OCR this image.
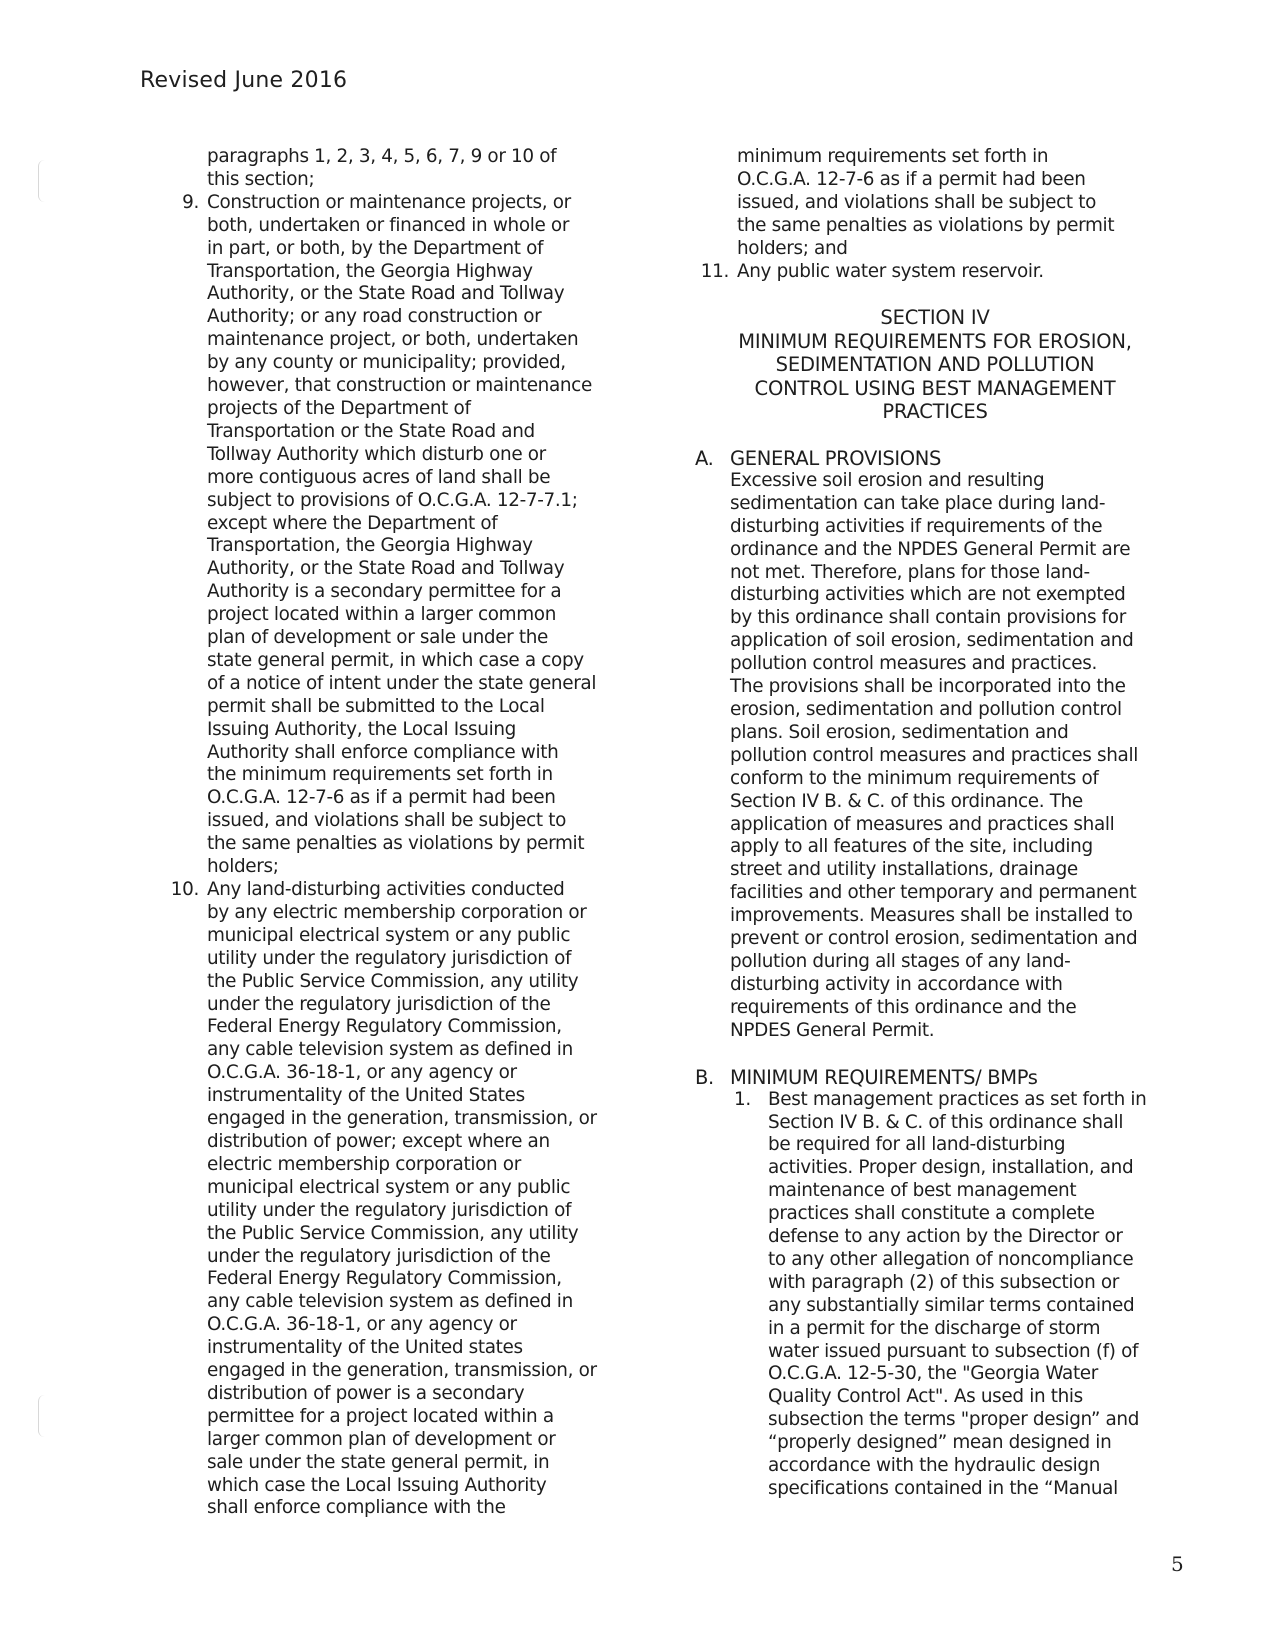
Revised June 2016
paragraphs 1, 2, 3, 4, 5, 6, 7, 9 or 10 of
this section;
9. Construction or maintenance projects, or
both, undertaken or financed in whole or
in part, or both, by the Department of
Transportation, the Georgia Highway
Authority, or the State Road and Tollway
Authority; or any road construction or
maintenance project, or both, undertaken
by any county or municipality; provided,
however, that construction or maintenance
projects of the Department of
Transportation or the State Road and
Tollway Authority which disturb one or
more contiguous acres of land shall be
subject to provisions of O.C.G.A. 12-7-7.1;
except where the Department of
Transportation, the Georgia Highway
Authority, or the State Road and Tollway
Authority is a secondary permittee for a
project located within a larger common
plan of development or sale under the
state general permit, in which case a copy
of a notice of intent under the state general
permit shall be submitted to the Local
Issuing Authority, the Local Issuing
Authority shall enforce compliance with
the minimum requirements set forth in
O.C.G.A. 12-7-6 as if a permit had been
issued, and violations shall be subject to
the same penalties as violations by permit
holders;
10. Any land-disturbing activities conducted
by any electric membership corporation or
municipal electrical system or any public
utility under the regulatory jurisdiction of
the Public Service Commission, any utility
under the regulatory jurisdiction of the
Federal Energy Regulatory Commission,
any cable television system as defined in
O.C.G.A. 36-18-1, or any agency or
instrumentality of the United States
engaged in the generation, transmission, or
distribution of power; except where an
electric membership corporation or
municipal electrical system or any public
utility under the regulatory jurisdiction of
the Public Service Commission, any utility
under the regulatory jurisdiction of the
Federal Energy Regulatory Commission,
any cable television system as defined in
O.C.G.A. 36-18-1, or any agency or
instrumentality of the United states
engaged in the generation, transmission, or
distribution of power is a secondary
permittee for a project located within a
larger common plan of development or
sale under the state general permit, in
which case the Local Issuing Authority
shall enforce compliance with the
minimum requirements set forth in
O.C.G.A. 12-7-6 as if a permit had been
issued, and violations shall be subject to
the same penalties as violations by permit
holders; and
11. Any public water system reservoir.
SECTION IV
MINIMUM REQUIREMENTS FOR EROSION,
SEDIMENTATION AND POLLUTION
CONTROL USING BEST MANAGEMENT
PRACTICES
A. GENERAL PROVISIONS
Excessive soil erosion and resulting
sedimentation can take place during land-
disturbing activities if requirements of the
ordinance and the NPDES General Permit are
not met. Therefore, plans for those land-
disturbing activities which are not exempted
by this ordinance shall contain provisions for
application of soil erosion, sedimentation and
pollution control measures and practices.
The provisions shall be incorporated into the
erosion, sedimentation and pollution control
plans. Soil erosion, sedimentation and
pollution control measures and practices shall
conform to the minimum requirements of
Section IV B. & C. of this ordinance. The
application of measures and practices shall
apply to all features of the site, including
street and utility installations, drainage
facilities and other temporary and permanent
improvements. Measures shall be installed to
prevent or control erosion, sedimentation and
pollution during all stages of any land-
disturbing activity in accordance with
requirements of this ordinance and the
NPDES General Permit.
B. MINIMUM REQUIREMENTS/ BMPs
1. Best management practices as set forth in
Section IV B. & C. of this ordinance shall
be required for all land-disturbing
activities. Proper design, installation, and
maintenance of best management
practices shall constitute a complete
defense to any action by the Director or
to any other allegation of noncompliance
with paragraph (2) of this subsection or
any substantially similar terms contained
in a permit for the discharge of storm
water issued pursuant to subsection (f) of
O.C.G.A. 12-5-30, the "Georgia Water
Quality Control Act". As used in this
subsection the terms "proper design” and
“properly designed” mean designed in
accordance with the hydraulic design
specifications contained in the “Manual
5
